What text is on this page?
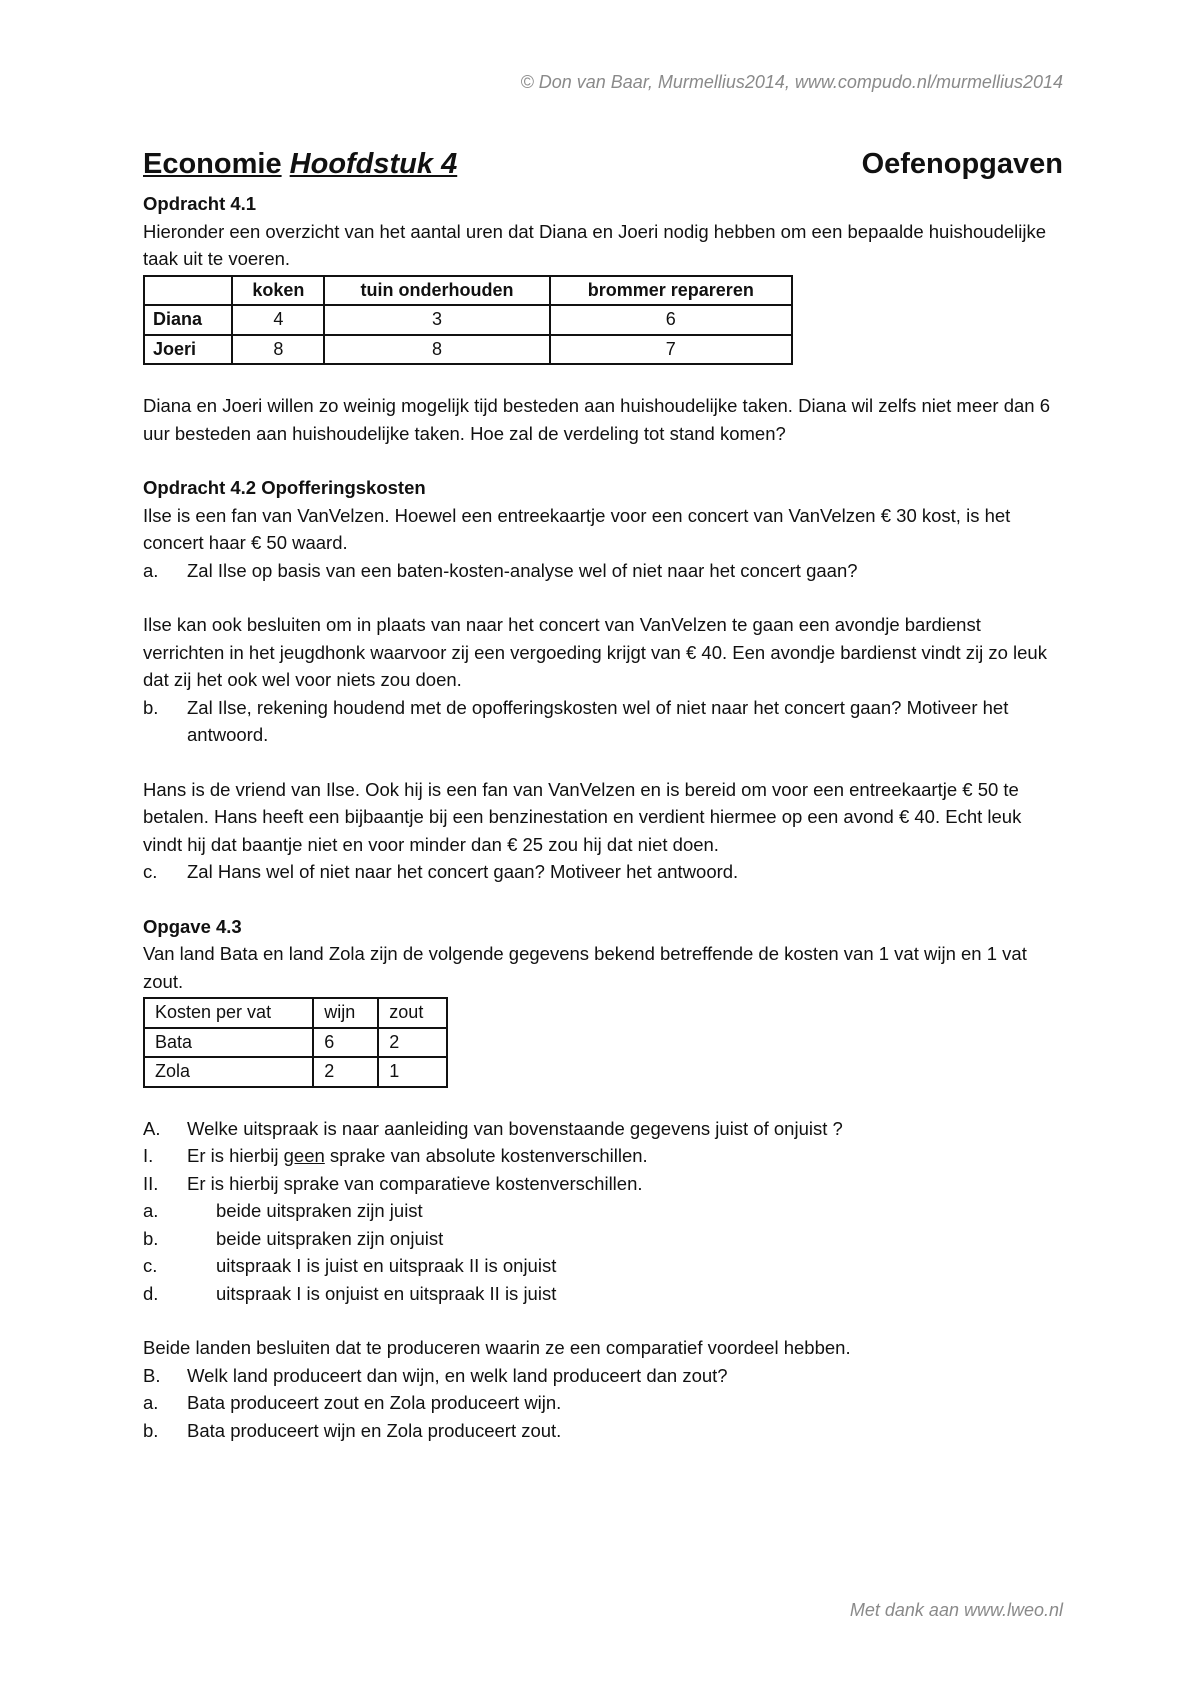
© Don van Baar, Murmellius2014, www.compudo.nl/murmellius2014
Economie Hoofdstuk 4	Oefenopgaven

Opdracht 4.1

Hieronder een overzicht van het aantal uren dat Diana en Joeri nodig hebben om een bepaalde huishoudelijke taak uit te voeren.

	koken	tuin onderhouden	brommer repareren
Diana	4	3	6
Joeri	8	8	7

Diana en Joeri willen zo weinig mogelijk tijd besteden aan huishoudelijke taken. Diana wil zelfs niet meer dan 6 uur besteden aan huishoudelijke taken. Hoe zal de verdeling tot stand komen?

Opdracht 4.2 Opofferingskosten

Ilse is een fan van VanVelzen. Hoewel een entreekaartje voor een concert van VanVelzen € 30 kost, is het concert haar € 50 waard.

a.	Zal Ilse op basis van een baten-kosten-analyse wel of niet naar het concert gaan?

Ilse kan ook besluiten om in plaats van naar het concert van VanVelzen te gaan een avondje bardienst verrichten in het jeugdhonk waarvoor zij een vergoeding krijgt van € 40. Een avondje bardienst vindt zij zo leuk dat zij het ook wel voor niets zou doen.

b.	Zal Ilse, rekening houdend met de opofferingskosten wel of niet naar het concert gaan? Motiveer het antwoord.

Hans is de vriend van Ilse. Ook hij is een fan van VanVelzen en is bereid om voor een entreekaartje € 50 te betalen. Hans heeft een bijbaantje bij een benzinestation en verdient hiermee op een avond € 40. Echt leuk vindt hij dat baantje niet en voor minder dan € 25 zou hij dat niet doen.

c.	Zal Hans wel of niet naar het concert gaan? Motiveer het antwoord.

Opgave 4.3

Van land Bata en land Zola zijn de volgende gegevens bekend betreffende de kosten van 1 vat wijn en 1 vat zout.

Kosten per vat	wijn	zout
Bata	6	2
Zola	2	1
A.	Welke uitspraak is naar aanleiding van bovenstaande gegevens juist of onjuist ?
I.	Er is hierbij geen sprake van absolute kostenverschillen.
II.	Er is hierbij sprake van comparatieve kostenverschillen.
a.	beide uitspraken zijn juist
b.	beide uitspraken zijn onjuist
c.	uitspraak I is juist en uitspraak II is onjuist
d.	uitspraak I is onjuist en uitspraak II is juist

Beide landen besluiten dat te produceren waarin ze een comparatief voordeel hebben.

B.	Welk land produceert dan wijn, en welk land produceert dan zout?
a.	Bata produceert zout en Zola produceert wijn.
b.	Bata produceert wijn en Zola produceert zout.
Met dank aan www.lweo.nl
